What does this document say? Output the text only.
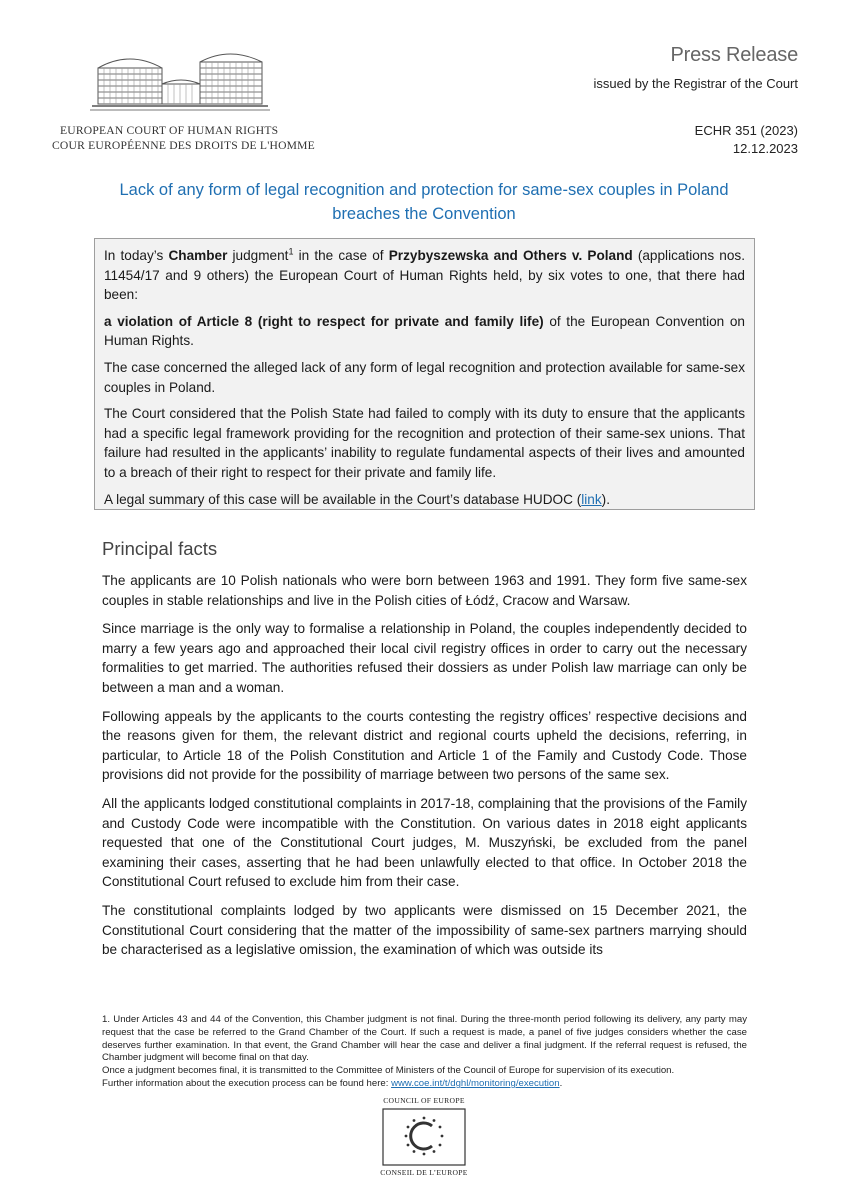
EUROPEAN COURT OF HUMAN RIGHTS
COUR EUROPÉENNE DES DROITS DE L'HOMME
Press Release
issued by the Registrar of the Court
ECHR 351 (2023)
12.12.2023
Lack of any form of legal recognition and protection for same-sex couples in Poland breaches the Convention

In today’s Chamber judgment$^1$ in the case of Przybyszewska and Others v. Poland (applications nos. 11454/17 and 9 others) the European Court of Human Rights held, by six votes to one, that there had been:

a violation of Article 8 (right to respect for private and family life) of the European Convention on Human Rights.

The case concerned the alleged lack of any form of legal recognition and protection available for same-sex couples in Poland.

The Court considered that the Polish State had failed to comply with its duty to ensure that the applicants had a specific legal framework providing for the recognition and protection of their same-sex unions. That failure had resulted in the applicants’ inability to regulate fundamental aspects of their lives and amounted to a breach of their right to respect for their private and family life.

A legal summary of this case will be available in the Court’s database HUDOC (link).

Principal facts

The applicants are 10 Polish nationals who were born between 1963 and 1991. They form five same-sex couples in stable relationships and live in the Polish cities of Łódź, Cracow and Warsaw.

Since marriage is the only way to formalise a relationship in Poland, the couples independently decided to marry a few years ago and approached their local civil registry offices in order to carry out the necessary formalities to get married. The authorities refused their dossiers as under Polish law marriage can only be between a man and a woman.

Following appeals by the applicants to the courts contesting the registry offices’ respective decisions and the reasons given for them, the relevant district and regional courts upheld the decisions, referring, in particular, to Article 18 of the Polish Constitution and Article 1 of the Family and Custody Code. Those provisions did not provide for the possibility of marriage between two persons of the same sex.

All the applicants lodged constitutional complaints in 2017-18, complaining that the provisions of the Family and Custody Code were incompatible with the Constitution. On various dates in 2018 eight applicants requested that one of the Constitutional Court judges, M. Muszyński, be excluded from the panel examining their cases, asserting that he had been unlawfully elected to that office. In October 2018 the Constitutional Court refused to exclude him from their case.

The constitutional complaints lodged by two applicants were dismissed on 15 December 2021, the Constitutional Court considering that the matter of the impossibility of same-sex partners marrying should be characterised as a legislative omission, the examination of which was outside its

1. Under Articles 43 and 44 of the Convention, this Chamber judgment is not final. During the three-month period following its delivery, any party may request that the case be referred to the Grand Chamber of the Court. If such a request is made, a panel of five judges considers whether the case deserves further examination. In that event, the Grand Chamber will hear the case and deliver a final judgment. If the referral request is refused, the Chamber judgment will become final on that day.
Once a judgment becomes final, it is transmitted to the Committee of Ministers of the Council of Europe for supervision of its execution.
Further information about the execution process can be found here: www.coe.int/t/dghl/monitoring/execution.
COUNCIL OF EUROPE
CONSEIL DE L’EUROPE
